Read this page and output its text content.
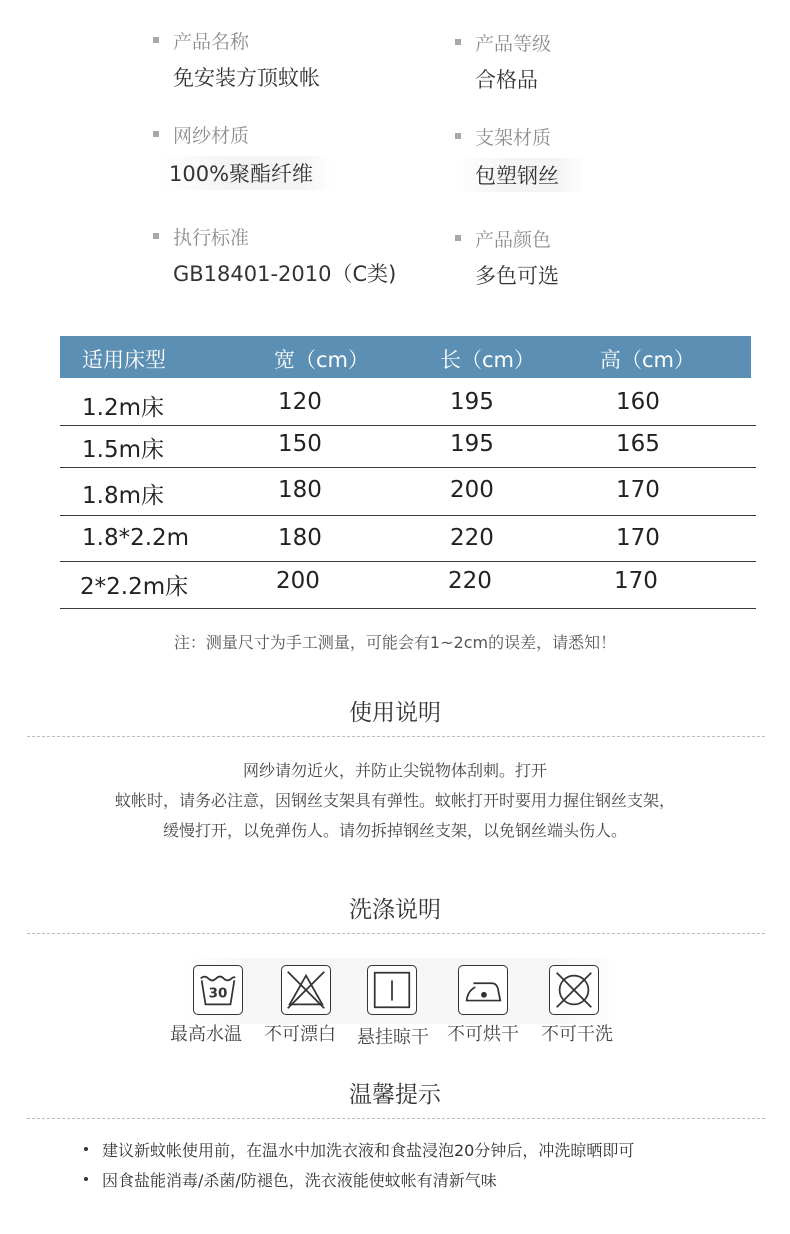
产品名称
免安装方顶蚊帐
产品等级
合格品
网纱材质
100%聚酯纤维
支架材质
包塑钢丝
执行标准
GB18401-2010（C类)
产品颜色
多色可选
适用床型	宽（cm）	长（cm）	高（cm）
1.2m床	120	195	160
1.5m床	150	195	165
1.8m床	180	200	170
1.8*2.2m	180	220	170
2*2.2m床	200	220	170
注：测量尺寸为手工测量，可能会有1~2cm的误差，请悉知！
使用说明
网纱请勿近火，并防止尖锐物体刮刺。打开
蚊帐时，请务必注意，因钢丝支架具有弹性。蚊帐打开时要用力握住钢丝支架，
缓慢打开，以免弹伤人。请勿拆掉钢丝支架，以免钢丝端头伤人。
洗涤说明
30
最高水温 不可漂白 悬挂晾干 不可烘干 不可干洗
温馨提示
建议新蚊帐使用前，在温水中加洗衣液和食盐浸泡20分钟后，冲洗晾晒即可
因食盐能消毒/杀菌/防褪色，洗衣液能使蚊帐有清新气味
